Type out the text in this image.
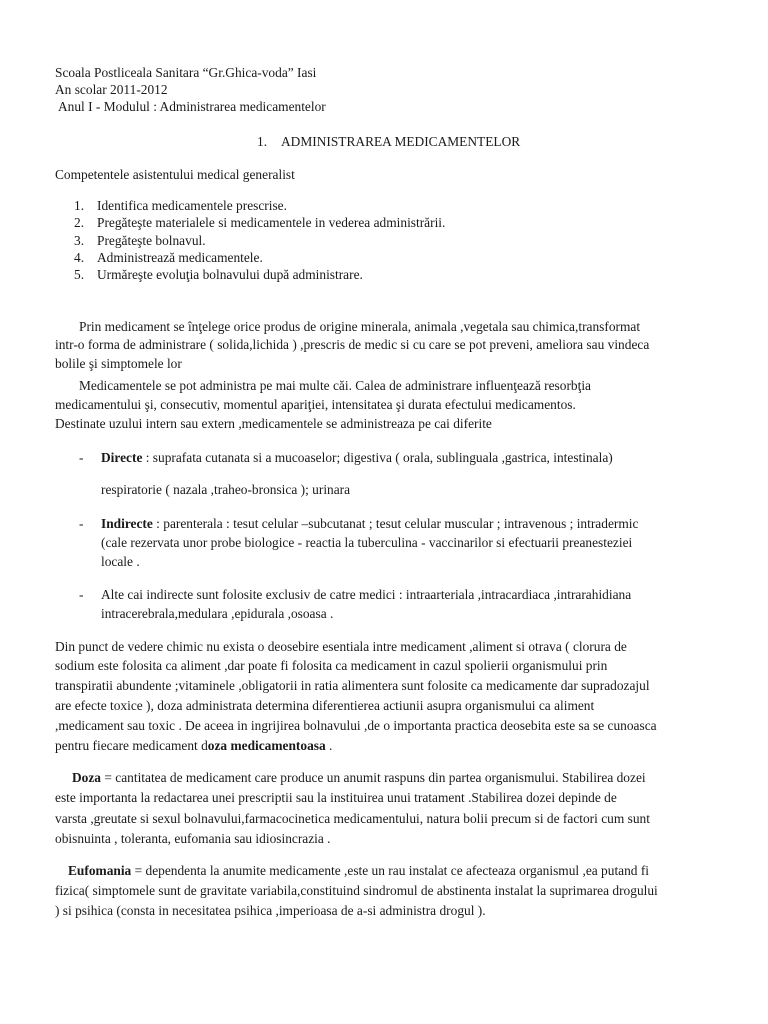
Scoala Postliceala Sanitara “Gr.Ghica-voda” Iasi
An scolar 2011-2012
Anul I - Modulul : Administrarea medicamentelor
1. ADMINISTRAREA MEDICAMENTELOR
Competentele asistentului medical generalist
1. Identifica medicamentele prescrise.
2. Pregăteşte materialele si medicamentele in vederea administrării.
3. Pregăteşte bolnavul.
4. Administrează medicamentele.
5. Urmăreşte evoluţia bolnavului după administrare.
Prin medicament se înţelege orice produs de origine minerala, animala ,vegetala sau chimica,transformat
intr-o forma de administrare ( solida,lichida ) ,prescris de medic si cu care se pot preveni, ameliora sau vindeca
bolile şi simptomele lor
Medicamentele se pot administra pe mai multe căi. Calea de administrare influenţează resorbţia
medicamentului şi, consecutiv, momentul apariţiei, intensitatea şi durata efectului medicamentos.
Destinate uzului intern sau extern ,medicamentele se administreaza pe cai diferite
- Directe : suprafata cutanata si a mucoaselor; digestiva ( orala, sublinguala ,gastrica, intestinala)
respiratorie ( nazala ,traheo-bronsica ); urinara
- Indirecte : parenterala : tesut celular –subcutanat ; tesut celular muscular ; intravenous ; intradermic
(cale rezervata unor probe biologice - reactia la tuberculina - vaccinarilor si efectuarii preanesteziei
locale .
- Alte cai indirecte sunt folosite exclusiv de catre medici : intraarteriala ,intracardiaca ,intrarahidiana
intracerebrala,medulara ,epidurala ,osoasa .
Din punct de vedere chimic nu exista o deosebire esentiala intre medicament ,aliment si otrava ( clorura de
sodium este folosita ca aliment ,dar poate fi folosita ca medicament in cazul spolierii organismului prin
transpiratii abundente ;vitaminele ,obligatorii in ratia alimentera sunt folosite ca medicamente dar supradozajul
are efecte toxice ), doza administrata determina diferentierea actiunii asupra organismului ca aliment
,medicament sau toxic . De aceea in ingrijirea bolnavului ,de o importanta practica deosebita este sa se cunoasca
pentru fiecare medicament doza medicamentoasa .
Doza = cantitatea de medicament care produce un anumit raspuns din partea organismului. Stabilirea dozei
este importanta la redactarea unei prescriptii sau la instituirea unui tratament .Stabilirea dozei depinde de
varsta ,greutate si sexul bolnavului,farmacocinetica medicamentului, natura bolii precum si de factori cum sunt
obisnuinta , toleranta, eufomania sau idiosincrazia .
Eufomania = dependenta la anumite medicamente ,este un rau instalat ce afecteaza organismul ,ea putand fi
fizica( simptomele sunt de gravitate variabila,constituind sindromul de abstinenta instalat la suprimarea drogului
) si psihica (consta in necesitatea psihica ,imperioasa de a-si administra drogul ).
